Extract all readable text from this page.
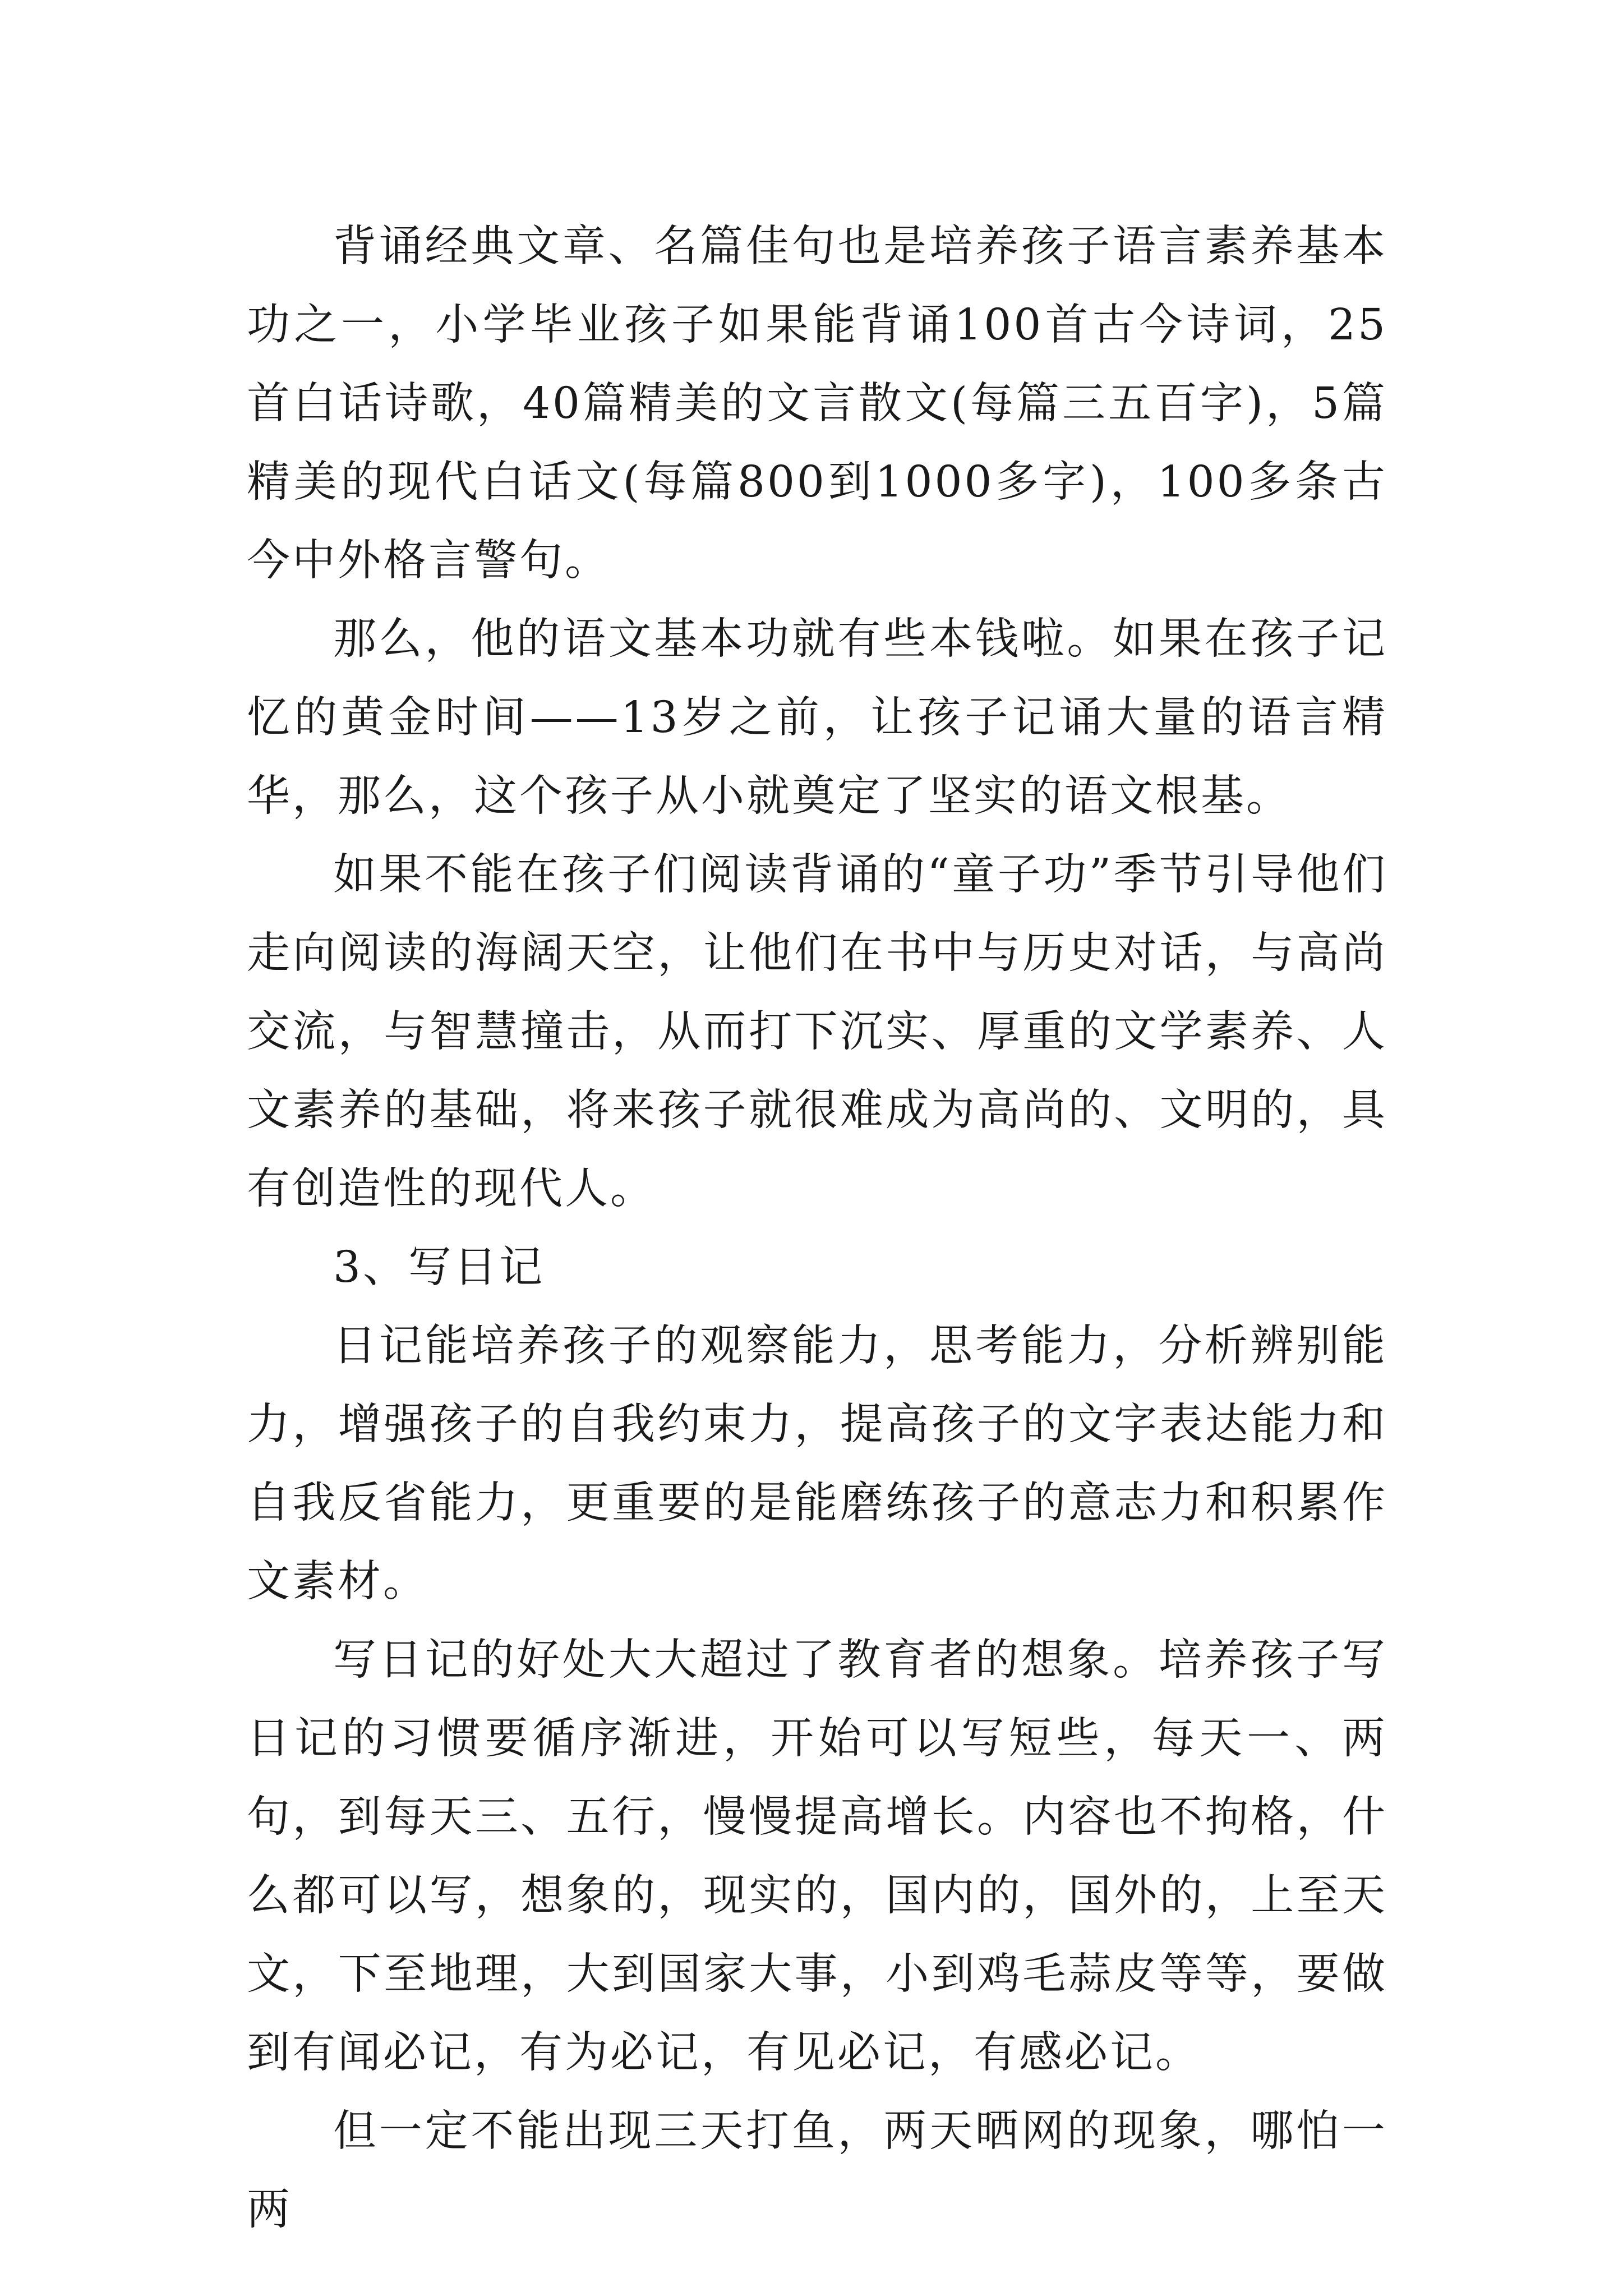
背诵经典文章、名篇佳句也是培养孩子语言素养基本功之一，小学毕业孩子如果能背诵100首古今诗词，25首白话诗歌，40篇精美的文言散文(每篇三五百字)，5篇精美的现代白话文(每篇800到1000多字)，100多条古今中外格言警句。

那么，他的语文基本功就有些本钱啦。如果在孩子记忆的黄金时间——13岁之前，让孩子记诵大量的语言精华，那么，这个孩子从小就奠定了坚实的语文根基。

如果不能在孩子们阅读背诵的“童子功”季节引导他们走向阅读的海阔天空，让他们在书中与历史对话，与高尚交流，与智慧撞击，从而打下沉实、厚重的文学素养、人文素养的基础，将来孩子就很难成为高尚的、文明的，具有创造性的现代人。

3、写日记

日记能培养孩子的观察能力，思考能力，分析辨别能力，增强孩子的自我约束力，提高孩子的文字表达能力和自我反省能力，更重要的是能磨练孩子的意志力和积累作文素材。

写日记的好处大大超过了教育者的想象。培养孩子写日记的习惯要循序渐进，开始可以写短些，每天一、两句，到每天三、五行，慢慢提高增长。内容也不拘格，什么都可以写，想象的，现实的，国内的，国外的，上至天文，下至地理，大到国家大事，小到鸡毛蒜皮等等，要做到有闻必记，有为必记，有见必记，有感必记。

但一定不能出现三天打鱼，两天晒网的现象，哪怕一两
